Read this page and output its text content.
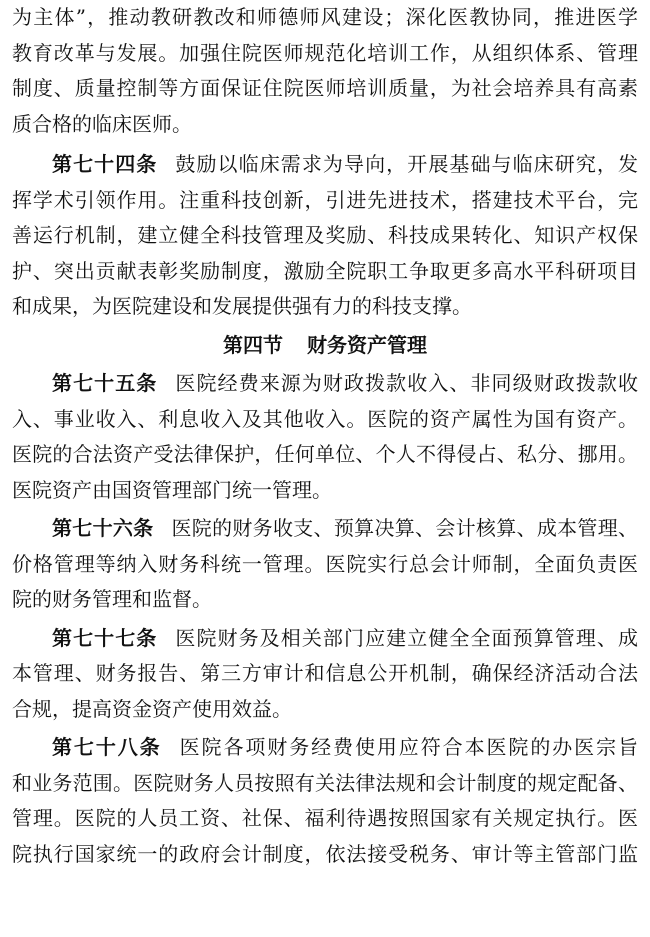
为主体”，推动教研教改和师德师风建设；深化医教协同，推进医学
教育改革与发展。加强住院医师规范化培训工作，从组织体系、管理
制度、质量控制等方面保证住院医师培训质量，为社会培养具有高素
质合格的临床医师。
第七十四条 鼓励以临床需求为导向，开展基础与临床研究，发
挥学术引领作用。注重科技创新，引进先进技术，搭建技术平台，完
善运行机制，建立健全科技管理及奖励、科技成果转化、知识产权保
护、突出贡献表彰奖励制度，激励全院职工争取更多高水平科研项目
和成果，为医院建设和发展提供强有力的科技支撑。
第四节 财务资产管理
第七十五条 医院经费来源为财政拨款收入、非同级财政拨款收
入、事业收入、利息收入及其他收入。医院的资产属性为国有资产。
医院的合法资产受法律保护，任何单位、个人不得侵占、私分、挪用。
医院资产由国资管理部门统一管理。
第七十六条 医院的财务收支、预算决算、会计核算、成本管理、
价格管理等纳入财务科统一管理。医院实行总会计师制，全面负责医
院的财务管理和监督。
第七十七条 医院财务及相关部门应建立健全全面预算管理、成
本管理、财务报告、第三方审计和信息公开机制，确保经济活动合法
合规，提高资金资产使用效益。
第七十八条 医院各项财务经费使用应符合本医院的办医宗旨
和业务范围。医院财务人员按照有关法律法规和会计制度的规定配备、
管理。医院的人员工资、社保、福利待遇按照国家有关规定执行。医
院执行国家统一的政府会计制度，依法接受税务、审计等主管部门监
